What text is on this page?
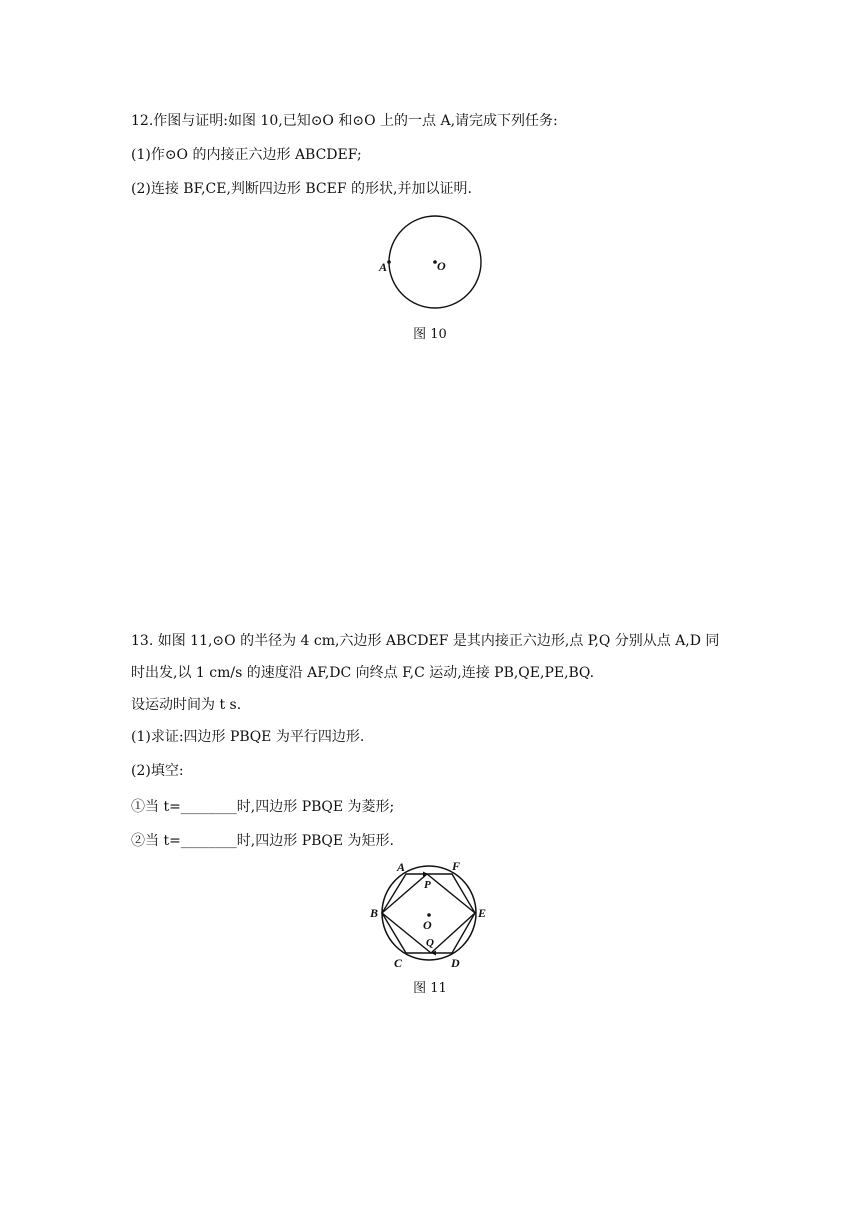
12.作图与证明:如图 10,已知⊙O 和⊙O 上的一点 A,请完成下列任务:
(1)作⊙O 的内接正六边形 ABCDEF;
(2)连接 BF,CE,判断四边形 BCEF 的形状,并加以证明.
A	O
图 10
13. 如图 11,⊙O 的半径为 4 cm,六边形 ABCDEF 是其内接正六边形,点 P,Q 分别从点 A,D 同
时出发,以 1 cm/s 的速度沿 AF,DC 向终点 F,C 运动,连接 PB,QE,PE,BQ.
设运动时间为 t s.
(1)求证:四边形 PBQE 为平行四边形.
(2)填空:
①当 t=________时,四边形 PBQE 为菱形;
②当 t=________时,四边形 PBQE 为矩形.
A	F
P
B	E
O
Q
C	D
图 11
